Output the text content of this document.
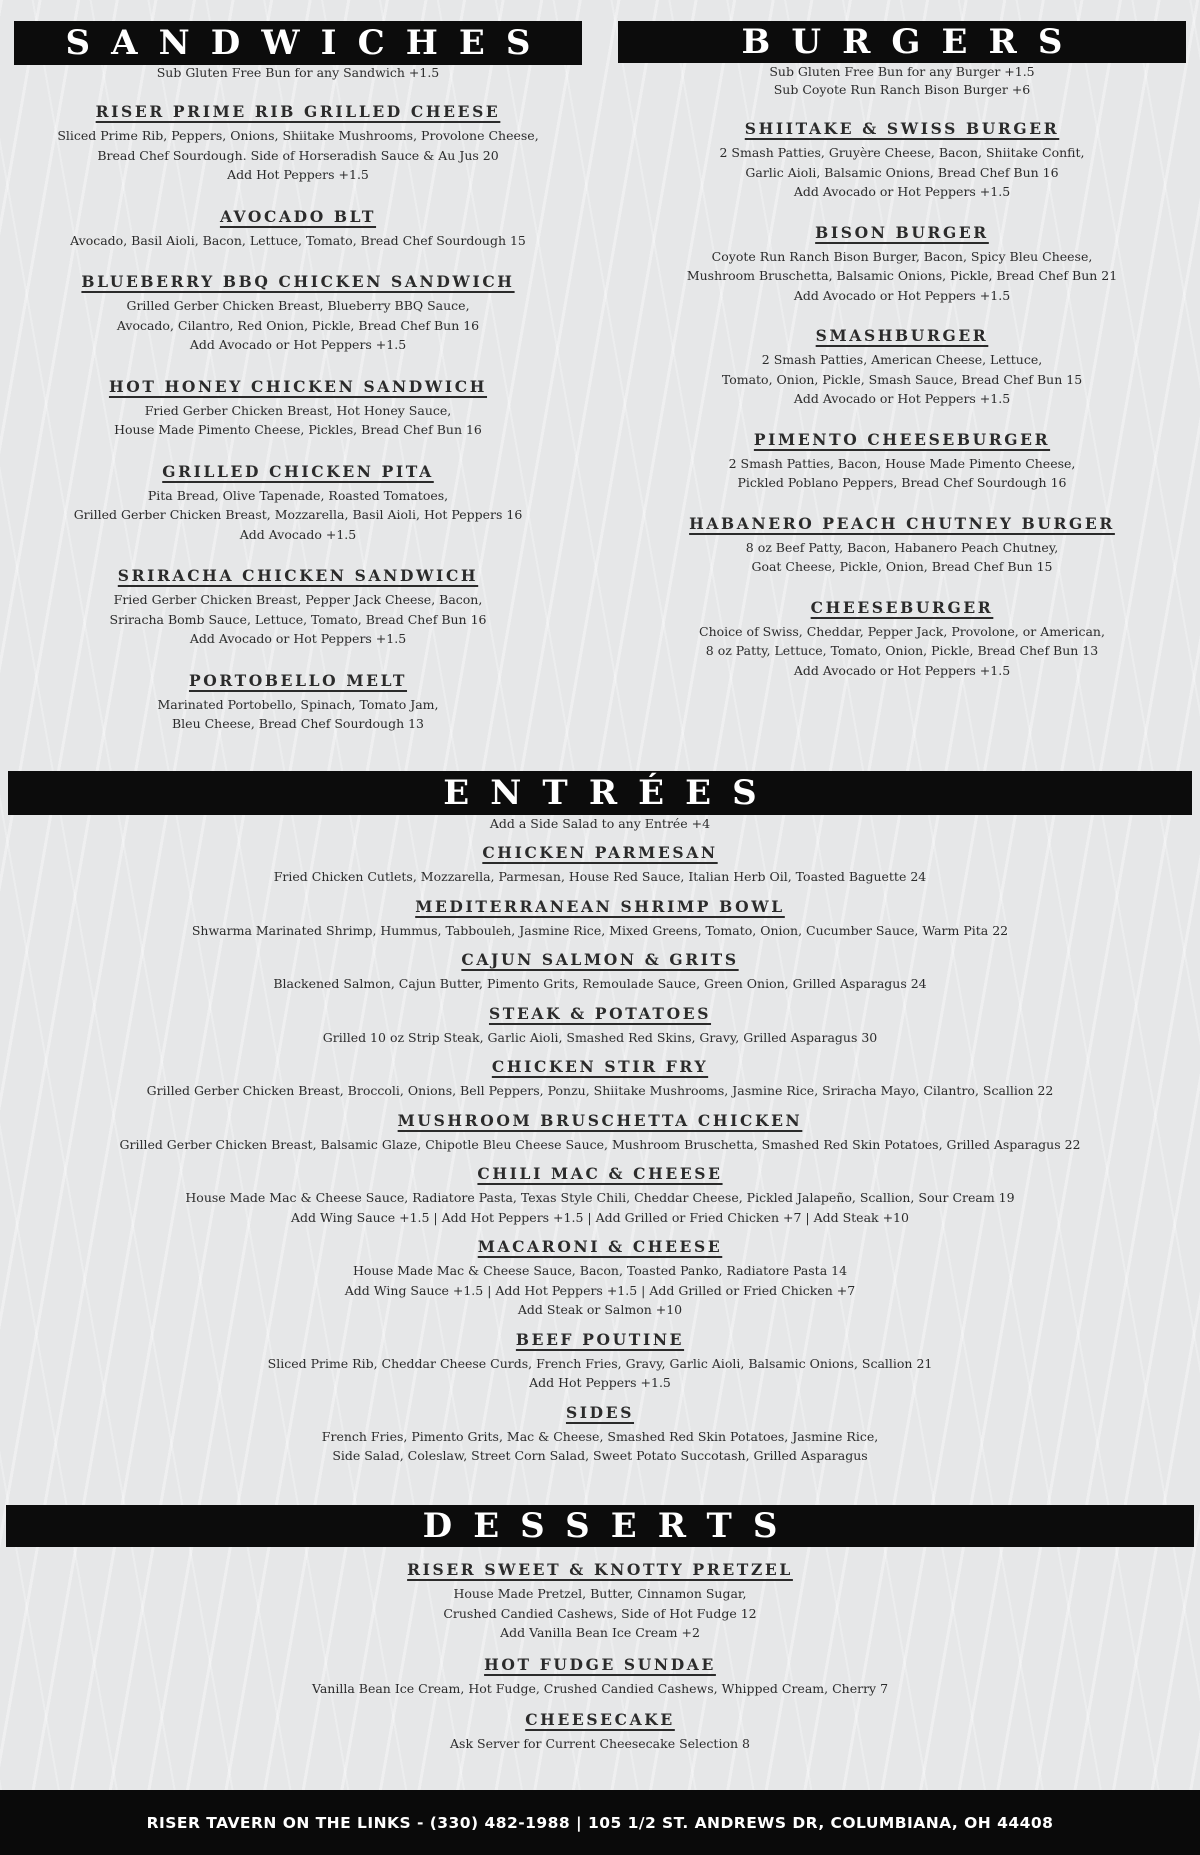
SANDWICHES

Sub Gluten Free Bun for any Sandwich +1.5

RISER PRIME RIB GRILLED CHEESE

Sliced Prime Rib, Peppers, Onions, Shiitake Mushrooms, Provolone Cheese,

Bread Chef Sourdough. Side of Horseradish Sauce & Au Jus 20

Add Hot Peppers +1.5

AVOCADO BLT

Avocado, Basil Aioli, Bacon, Lettuce, Tomato, Bread Chef Sourdough 15

BLUEBERRY BBQ CHICKEN SANDWICH

Grilled Gerber Chicken Breast, Blueberry BBQ Sauce,

Avocado, Cilantro, Red Onion, Pickle, Bread Chef Bun 16

Add Avocado or Hot Peppers +1.5

HOT HONEY CHICKEN SANDWICH

Fried Gerber Chicken Breast, Hot Honey Sauce,

House Made Pimento Cheese, Pickles, Bread Chef Bun 16

GRILLED CHICKEN PITA

Pita Bread, Olive Tapenade, Roasted Tomatoes,

Grilled Gerber Chicken Breast, Mozzarella, Basil Aioli, Hot Peppers 16

Add Avocado +1.5

SRIRACHA CHICKEN SANDWICH

Fried Gerber Chicken Breast, Pepper Jack Cheese, Bacon,

Sriracha Bomb Sauce, Lettuce, Tomato, Bread Chef Bun 16

Add Avocado or Hot Peppers +1.5

PORTOBELLO MELT

Marinated Portobello, Spinach, Tomato Jam,

Bleu Cheese, Bread Chef Sourdough 13

BURGERS

Sub Gluten Free Bun for any Burger +1.5

Sub Coyote Run Ranch Bison Burger +6

SHIITAKE & SWISS BURGER

2 Smash Patties, Gruyère Cheese, Bacon, Shiitake Confit,

Garlic Aioli, Balsamic Onions, Bread Chef Bun 16

Add Avocado or Hot Peppers +1.5

BISON BURGER

Coyote Run Ranch Bison Burger, Bacon, Spicy Bleu Cheese,

Mushroom Bruschetta, Balsamic Onions, Pickle, Bread Chef Bun 21

Add Avocado or Hot Peppers +1.5

SMASHBURGER

2 Smash Patties, American Cheese, Lettuce,

Tomato, Onion, Pickle, Smash Sauce, Bread Chef Bun 15

Add Avocado or Hot Peppers +1.5

PIMENTO CHEESEBURGER

2 Smash Patties, Bacon, House Made Pimento Cheese,

Pickled Poblano Peppers, Bread Chef Sourdough 16

HABANERO PEACH CHUTNEY BURGER

8 oz Beef Patty, Bacon, Habanero Peach Chutney,

Goat Cheese, Pickle, Onion, Bread Chef Bun 15

CHEESEBURGER

Choice of Swiss, Cheddar, Pepper Jack, Provolone, or American,

8 oz Patty, Lettuce, Tomato, Onion, Pickle, Bread Chef Bun 13

Add Avocado or Hot Peppers +1.5

ENTRÉES

Add a Side Salad to any Entrée +4

CHICKEN PARMESAN

Fried Chicken Cutlets, Mozzarella, Parmesan, House Red Sauce, Italian Herb Oil, Toasted Baguette 24

MEDITERRANEAN SHRIMP BOWL

Shwarma Marinated Shrimp, Hummus, Tabbouleh, Jasmine Rice, Mixed Greens, Tomato, Onion, Cucumber Sauce, Warm Pita 22

CAJUN SALMON & GRITS

Blackened Salmon, Cajun Butter, Pimento Grits, Remoulade Sauce, Green Onion, Grilled Asparagus 24

STEAK & POTATOES

Grilled 10 oz Strip Steak, Garlic Aioli, Smashed Red Skins, Gravy, Grilled Asparagus 30

CHICKEN STIR FRY

Grilled Gerber Chicken Breast, Broccoli, Onions, Bell Peppers, Ponzu, Shiitake Mushrooms, Jasmine Rice, Sriracha Mayo, Cilantro, Scallion 22

MUSHROOM BRUSCHETTA CHICKEN

Grilled Gerber Chicken Breast, Balsamic Glaze, Chipotle Bleu Cheese Sauce, Mushroom Bruschetta, Smashed Red Skin Potatoes, Grilled Asparagus 22

CHILI MAC & CHEESE

House Made Mac & Cheese Sauce, Radiatore Pasta, Texas Style Chili, Cheddar Cheese, Pickled Jalapeño, Scallion, Sour Cream 19

Add Wing Sauce +1.5 | Add Hot Peppers +1.5 | Add Grilled or Fried Chicken +7 | Add Steak +10

MACARONI & CHEESE

House Made Mac & Cheese Sauce, Bacon, Toasted Panko, Radiatore Pasta 14

Add Wing Sauce +1.5 | Add Hot Peppers +1.5 | Add Grilled or Fried Chicken +7

Add Steak or Salmon +10

BEEF POUTINE

Sliced Prime Rib, Cheddar Cheese Curds, French Fries, Gravy, Garlic Aioli, Balsamic Onions, Scallion 21

Add Hot Peppers +1.5

SIDES

French Fries, Pimento Grits, Mac & Cheese, Smashed Red Skin Potatoes, Jasmine Rice,

Side Salad, Coleslaw, Street Corn Salad, Sweet Potato Succotash, Grilled Asparagus

DESSERTS

RISER SWEET & KNOTTY PRETZEL

House Made Pretzel, Butter, Cinnamon Sugar,

Crushed Candied Cashews, Side of Hot Fudge 12

Add Vanilla Bean Ice Cream +2

HOT FUDGE SUNDAE

Vanilla Bean Ice Cream, Hot Fudge, Crushed Candied Cashews, Whipped Cream, Cherry 7

CHEESECAKE

Ask Server for Current Cheesecake Selection 8

RISER TAVERN ON THE LINKS - (330) 482-1988 | 105 1/2 ST. ANDREWS DR, COLUMBIANA, OH 44408
